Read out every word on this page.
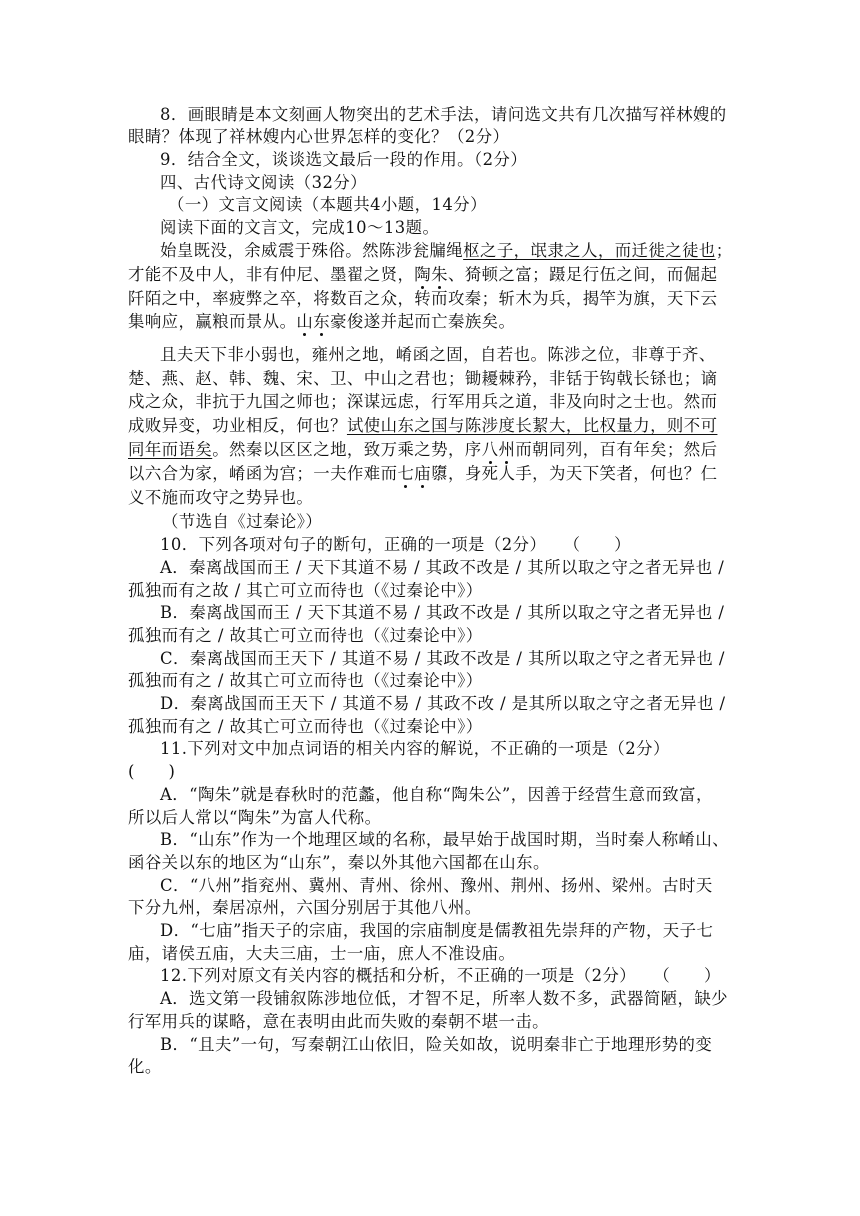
8．画眼睛是本文刻画人物突出的艺术手法，请问选文共有几次描写祥林嫂的
眼睛？体现了祥林嫂内心世界怎样的变化？（2分）
9．结合全文，谈谈选文最后一段的作用。（2分）
四、古代诗文阅读（32分）
（一）文言文阅读（本题共4小题，14分）
阅读下面的文言文，完成10～13题。
始皇既没，余威震于殊俗。然陈涉瓮牖绳枢之子，氓隶之人，而迁徙之徒也；
才能不及中人，非有仲尼、墨翟之贤，陶朱、猗顿之富；蹑足行伍之间，而倔起
阡陌之中，率疲弊之卒，将数百之众，转而攻秦；斩木为兵，揭竿为旗，天下云
集响应，赢粮而景从。山东豪俊遂并起而亡秦族矣。
且夫天下非小弱也，雍州之地，崤函之固，自若也。陈涉之位，非尊于齐、
楚、燕、赵、韩、魏、宋、卫、中山之君也；锄耰棘矜，非铦于钩戟长铩也；谪
戍之众，非抗于九国之师也；深谋远虑，行军用兵之道，非及向时之士也。然而
成败异变，功业相反，何也？试使山东之国与陈涉度长絜大，比权量力，则不可
同年而语矣。然秦以区区之地，致万乘之势，序八州而朝同列，百有年矣；然后
以六合为家，崤函为宫；一夫作难而七庙隳，身死人手，为天下笑者，何也？仁
义不施而攻守之势异也。
（节选自《过秦论》）
10．下列各项对句子的断句，正确的一项是（2分）　　（　　）
A．秦离战国而王 / 天下其道不易 / 其政不改是 / 其所以取之守之者无异也 /
孤独而有之故 / 其亡可立而待也（《过秦论中》）
B．秦离战国而王 / 天下其道不易 / 其政不改是 / 其所以取之守之者无异也 /
孤独而有之 / 故其亡可立而待也（《过秦论中》）
C．秦离战国而王天下 / 其道不易 / 其政不改是 / 其所以取之守之者无异也 /
孤独而有之 / 故其亡可立而待也（《过秦论中》）
D．秦离战国而王天下 / 其道不易 / 其政不改 / 是其所以取之守之者无异也 /
孤独而有之 / 故其亡可立而待也（《过秦论中》）
11.下列对文中加点词语的相关内容的解说，不正确的一项是（2分）
(　　)
A．“陶朱”就是春秋时的范蠡，他自称“陶朱公”，因善于经营生意而致富，
所以后人常以“陶朱”为富人代称。
B．“山东”作为一个地理区域的名称，最早始于战国时期，当时秦人称崤山、
函谷关以东的地区为“山东”，秦以外其他六国都在山东。
C．“八州”指兖州、冀州、青州、徐州、豫州、荆州、扬州、梁州。古时天
下分九州，秦居凉州，六国分别居于其他八州。
D．“七庙”指天子的宗庙，我国的宗庙制度是儒教祖先崇拜的产物，天子七
庙，诸侯五庙，大夫三庙，士一庙，庶人不准设庙。
12.下列对原文有关内容的概括和分析，不正确的一项是（2分）　　（　　）
A．选文第一段铺叙陈涉地位低，才智不足，所率人数不多，武器简陋，缺少
行军用兵的谋略，意在表明由此而失败的秦朝不堪一击。
B．“且夫”一句，写秦朝江山依旧，险关如故，说明秦非亡于地理形势的变
化。
